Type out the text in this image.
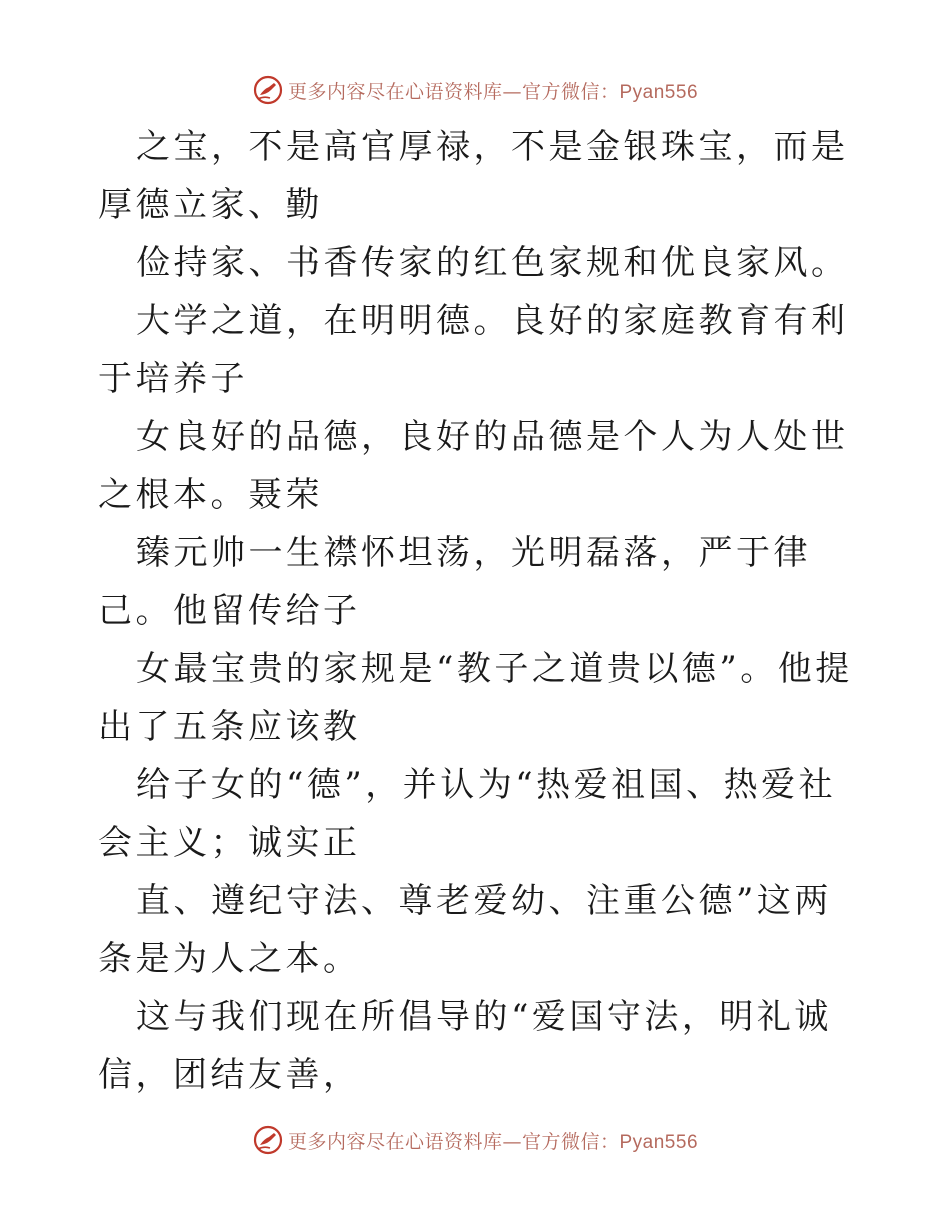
更多内容尽在心语资料库—官方微信：Pyan556

之宝，不是高官厚禄，不是金银珠宝，而是厚德立家、勤

俭持家、书香传家的红色家规和优良家风。

大学之道，在明明德。良好的家庭教育有利于培养子

女良好的品德，良好的品德是个人为人处世之根本。聂荣

臻元帅一生襟怀坦荡，光明磊落，严于律己。他留传给子

女最宝贵的家规是“教子之道贵以德”。他提出了五条应该教

给子女的“德”，并认为“热爱祖国、热爱社会主义；诚实正

直、遵纪守法、尊老爱幼、注重公德”这两条是为人之本。

这与我们现在所倡导的“爱国守法，明礼诚信，团结友善，

更多内容尽在心语资料库—官方微信：Pyan556
